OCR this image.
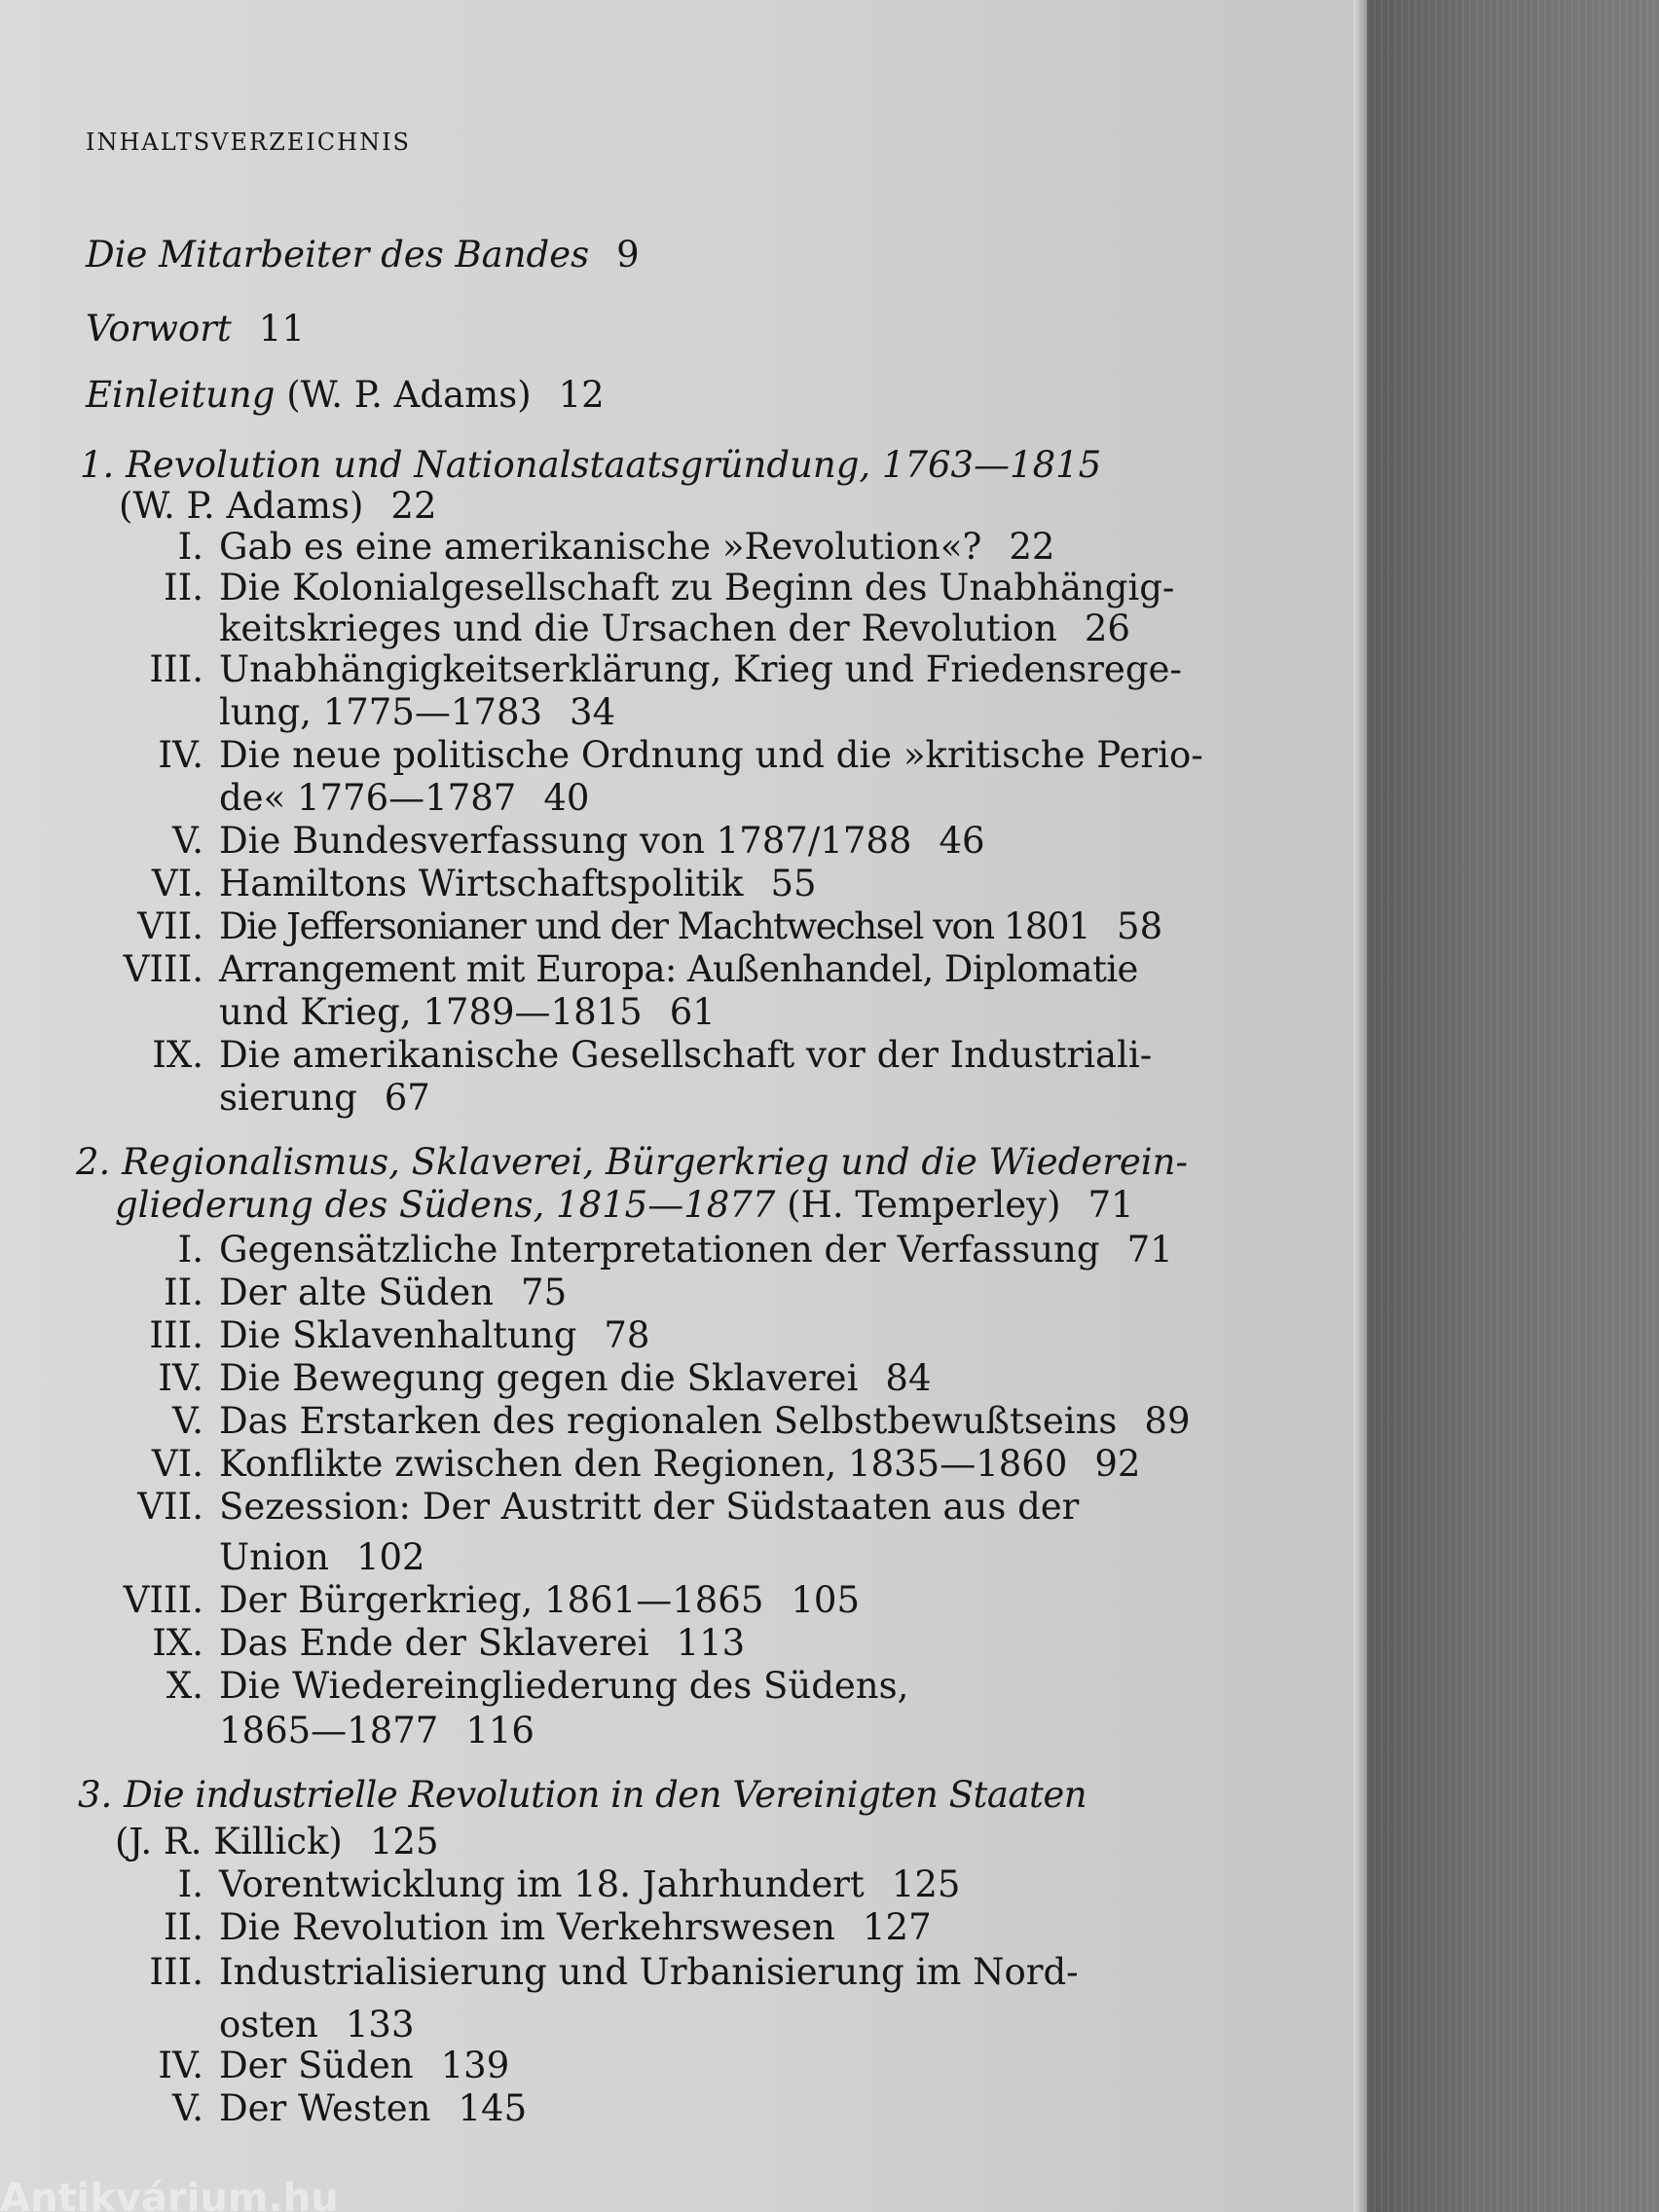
INHALTSVERZEICHNIS
Die Mitarbeiter des Bandes 9
Vorwort 11
Einleitung (W. P. Adams) 12
1. Revolution und Nationalstaatsgründung, 1763—1815
(W. P. Adams) 22
I. Gab es eine amerikanische »Revolution«? 22
II. Die Kolonialgesellschaft zu Beginn des Unabhängig-
keitskrieges und die Ursachen der Revolution 26
III. Unabhängigkeitserklärung, Krieg und Friedensrege-
lung, 1775—1783 34
IV. Die neue politische Ordnung und die »kritische Perio-
de« 1776—1787 40
V. Die Bundesverfassung von 1787/1788 46
VI. Hamiltons Wirtschaftspolitik 55
VII. Die Jeffersonianer und der Machtwechsel von 1801 58
VIII. Arrangement mit Europa: Außenhandel, Diplomatie
und Krieg, 1789—1815 61
IX. Die amerikanische Gesellschaft vor der Industriali-
sierung 67
2. Regionalismus, Sklaverei, Bürgerkrieg und die Wiederein-
gliederung des Südens, 1815—1877 (H. Temperley) 71
I. Gegensätzliche Interpretationen der Verfassung 71
II. Der alte Süden 75
III. Die Sklavenhaltung 78
IV. Die Bewegung gegen die Sklaverei 84
V. Das Erstarken des regionalen Selbstbewußtseins 89
VI. Konflikte zwischen den Regionen, 1835—1860 92
VII. Sezession: Der Austritt der Südstaaten aus der
Union 102
VIII. Der Bürgerkrieg, 1861—1865 105
IX. Das Ende der Sklaverei 113
X. Die Wiedereingliederung des Südens,
1865—1877 116
3. Die industrielle Revolution in den Vereinigten Staaten
(J. R. Killick) 125
I. Vorentwicklung im 18. Jahrhundert 125
II. Die Revolution im Verkehrswesen 127
III. Industrialisierung und Urbanisierung im Nord-
osten 133
IV. Der Süden 139
V. Der Westen 145
Antikvárium.hu
